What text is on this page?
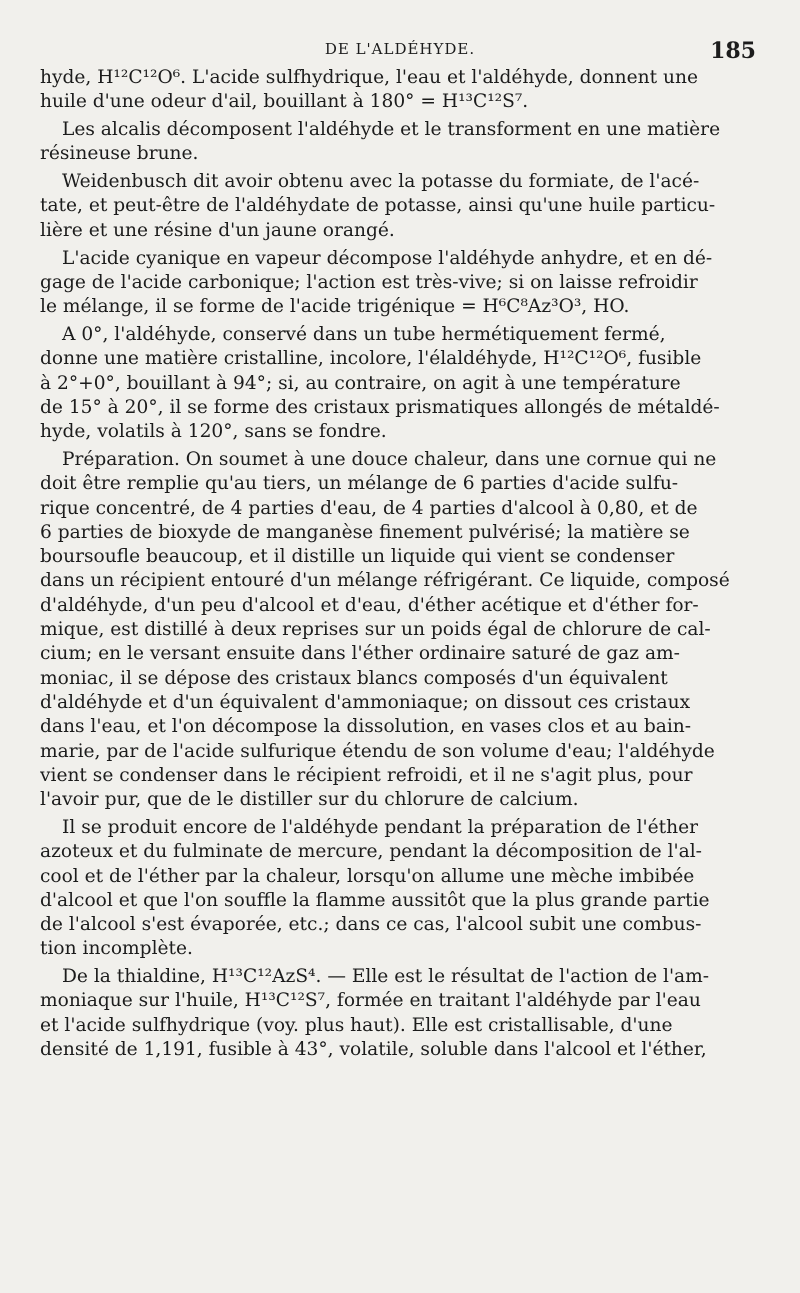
DE L'ALDÉHYDE.	185
hyde, H¹²C¹²O⁶. L'acide sulfhydrique, l'eau et l'aldéhyde, donnent une
huile d'une odeur d'ail, bouillant à 180° = H¹³C¹²S⁷.
Les alcalis décomposent l'aldéhyde et le transforment en une matière
résineuse brune.
Weidenbusch dit avoir obtenu avec la potasse du formiate, de l'acé-
tate, et peut-être de l'aldéhydate de potasse, ainsi qu'une huile particu-
lière et une résine d'un jaune orangé.
L'acide cyanique en vapeur décompose l'aldéhyde anhydre, et en dé-
gage de l'acide carbonique; l'action est très-vive; si on laisse refroidir
le mélange, il se forme de l'acide trigénique = H⁶C⁸Az³O³, HO.
A 0°, l'aldéhyde, conservé dans un tube hermétiquement fermé,
donne une matière cristalline, incolore, l'élaldéhyde, H¹²C¹²O⁶, fusible
à 2°+0°, bouillant à 94°; si, au contraire, on agit à une température
de 15° à 20°, il se forme des cristaux prismatiques allongés de métaldé-
hyde, volatils à 120°, sans se fondre.
Préparation. On soumet à une douce chaleur, dans une cornue qui ne
doit être remplie qu'au tiers, un mélange de 6 parties d'acide sulfu-
rique concentré, de 4 parties d'eau, de 4 parties d'alcool à 0,80, et de
6 parties de bioxyde de manganèse finement pulvérisé; la matière se
boursoufle beaucoup, et il distille un liquide qui vient se condenser
dans un récipient entouré d'un mélange réfrigérant. Ce liquide, composé
d'aldéhyde, d'un peu d'alcool et d'eau, d'éther acétique et d'éther for-
mique, est distillé à deux reprises sur un poids égal de chlorure de cal-
cium; en le versant ensuite dans l'éther ordinaire saturé de gaz am-
moniac, il se dépose des cristaux blancs composés d'un équivalent
d'aldéhyde et d'un équivalent d'ammoniaque; on dissout ces cristaux
dans l'eau, et l'on décompose la dissolution, en vases clos et au bain-
marie, par de l'acide sulfurique étendu de son volume d'eau; l'aldéhyde
vient se condenser dans le récipient refroidi, et il ne s'agit plus, pour
l'avoir pur, que de le distiller sur du chlorure de calcium.
Il se produit encore de l'aldéhyde pendant la préparation de l'éther
azoteux et du fulminate de mercure, pendant la décomposition de l'al-
cool et de l'éther par la chaleur, lorsqu'on allume une mèche imbibée
d'alcool et que l'on souffle la flamme aussitôt que la plus grande partie
de l'alcool s'est évaporée, etc.; dans ce cas, l'alcool subit une combus-
tion incomplète.
De la thialdine, H¹³C¹²AzS⁴. — Elle est le résultat de l'action de l'am-
moniaque sur l'huile, H¹³C¹²S⁷, formée en traitant l'aldéhyde par l'eau
et l'acide sulfhydrique (voy. plus haut). Elle est cristallisable, d'une
densité de 1,191, fusible à 43°, volatile, soluble dans l'alcool et l'éther,
